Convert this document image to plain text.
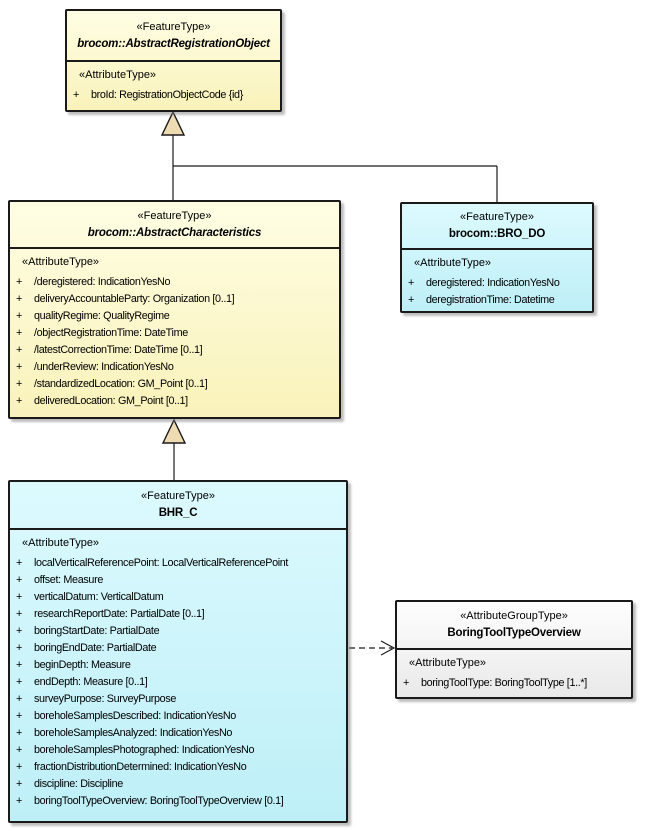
«FeatureType»
brocom::AbstractRegistrationObject
«AttributeType»
+	broId: RegistrationObjectCode {id}
«FeatureType»
brocom::AbstractCharacteristics
«AttributeType»
+	/deregistered: IndicationYesNo
+	deliveryAccountableParty: Organization [0..1]
+	qualityRegime: QualityRegime
+	/objectRegistrationTime: DateTime
+	/latestCorrectionTime: DateTime [0..1]
+	/underReview: IndicationYesNo
+	/standardizedLocation: GM_Point [0..1]
+	deliveredLocation: GM_Point [0..1]
«FeatureType»
brocom::BRO_DO
«AttributeType»
+	deregistered: IndicationYesNo
+	deregistrationTime: Datetime
«FeatureType»
BHR_C
«AttributeType»
+	localVerticalReferencePoint: LocalVerticalReferencePoint
+	offset: Measure
+	verticalDatum: VerticalDatum
+	researchReportDate: PartialDate [0..1]
+	boringStartDate: PartialDate
+	boringEndDate: PartialDate
+	beginDepth: Measure
+	endDepth: Measure [0..1]
+	surveyPurpose: SurveyPurpose
+	boreholeSamplesDescribed: IndicationYesNo
+	boreholeSamplesAnalyzed: IndicationYesNo
+	boreholeSamplesPhotographed: IndicationYesNo
+	fractionDistributionDetermined: IndicationYesNo
+	discipline: Discipline
+	boringToolTypeOverview: BoringToolTypeOverview [0.1]
«AttributeGroupType»
BoringToolTypeOverview
«AttributeType»
+	boringToolType: BoringToolType [1..*]
